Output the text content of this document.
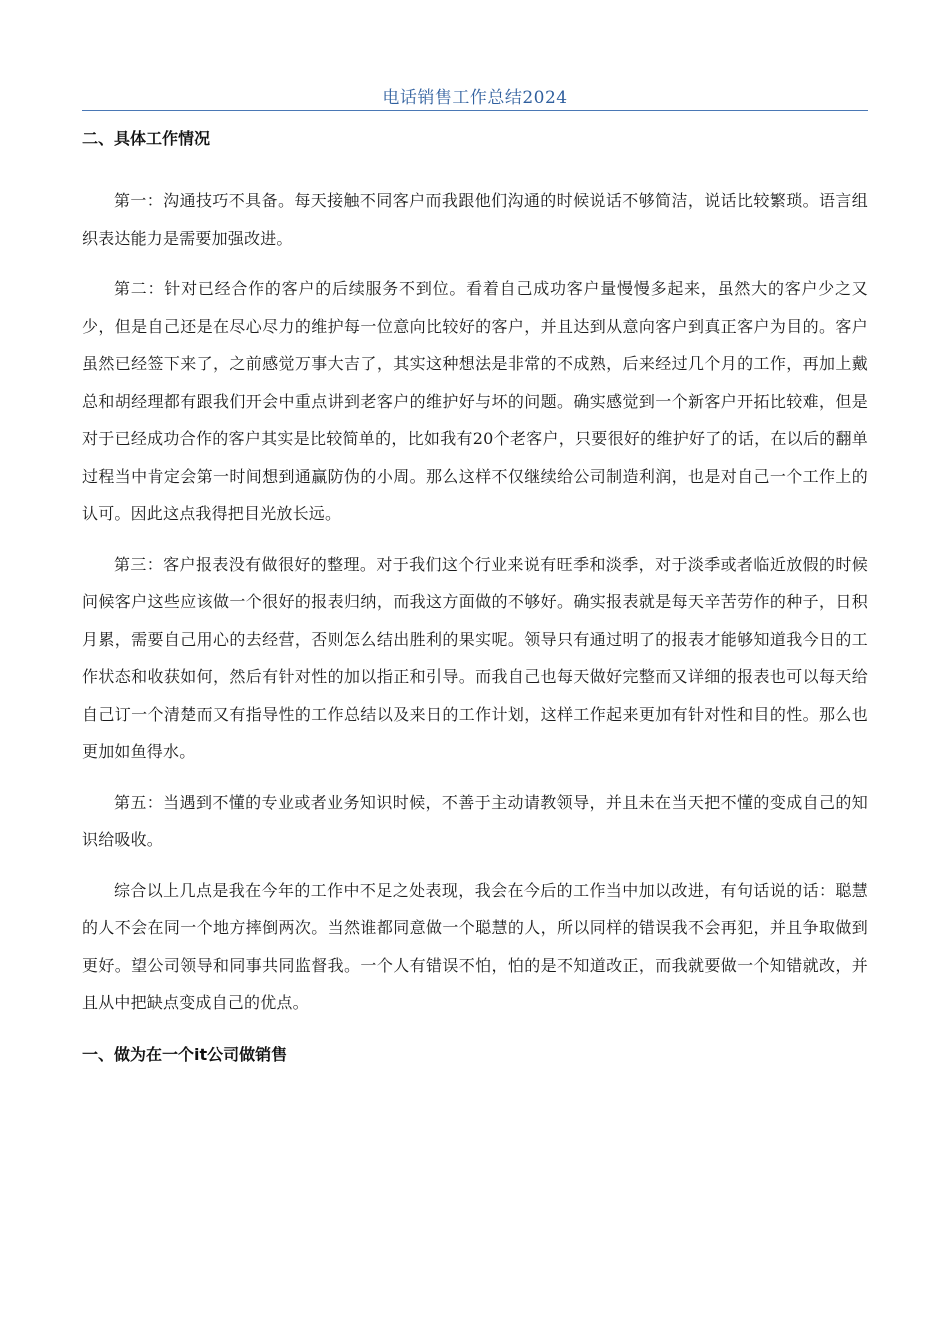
电话销售工作总结2024
二、具体工作情况

第一：沟通技巧不具备。每天接触不同客户而我跟他们沟通的时候说话不够简洁，说话比较繁琐。语言组织表达能力是需要加强改进。

第二：针对已经合作的客户的后续服务不到位。看着自己成功客户量慢慢多起来，虽然大的客户少之又少，但是自己还是在尽心尽力的维护每一位意向比较好的客户，并且达到从意向客户到真正客户为目的。客户虽然已经签下来了，之前感觉万事大吉了，其实这种想法是非常的不成熟，后来经过几个月的工作，再加上戴总和胡经理都有跟我们开会中重点讲到老客户的维护好与坏的问题。确实感觉到一个新客户开拓比较难，但是对于已经成功合作的客户其实是比较简单的，比如我有20个老客户，只要很好的维护好了的话，在以后的翻单过程当中肯定会第一时间想到通赢防伪的小周。那么这样不仅继续给公司制造利润，也是对自己一个工作上的认可。因此这点我得把目光放长远。

第三：客户报表没有做很好的整理。对于我们这个行业来说有旺季和淡季，对于淡季或者临近放假的时候问候客户这些应该做一个很好的报表归纳，而我这方面做的不够好。确实报表就是每天辛苦劳作的种子，日积月累，需要自己用心的去经营，否则怎么结出胜利的果实呢。领导只有通过明了的报表才能够知道我今日的工作状态和收获如何，然后有针对性的加以指正和引导。而我自己也每天做好完整而又详细的报表也可以每天给自己订一个清楚而又有指导性的工作总结以及来日的工作计划，这样工作起来更加有针对性和目的性。那么也更加如鱼得水。

第五：当遇到不懂的专业或者业务知识时候，不善于主动请教领导，并且未在当天把不懂的变成自己的知识给吸收。

综合以上几点是我在今年的工作中不足之处表现，我会在今后的工作当中加以改进，有句话说的话：聪慧的人不会在同一个地方摔倒两次。当然谁都同意做一个聪慧的人，所以同样的错误我不会再犯，并且争取做到更好。望公司领导和同事共同监督我。一个人有错误不怕，怕的是不知道改正，而我就要做一个知错就改，并且从中把缺点变成自己的优点。

一、做为在一个it公司做销售
